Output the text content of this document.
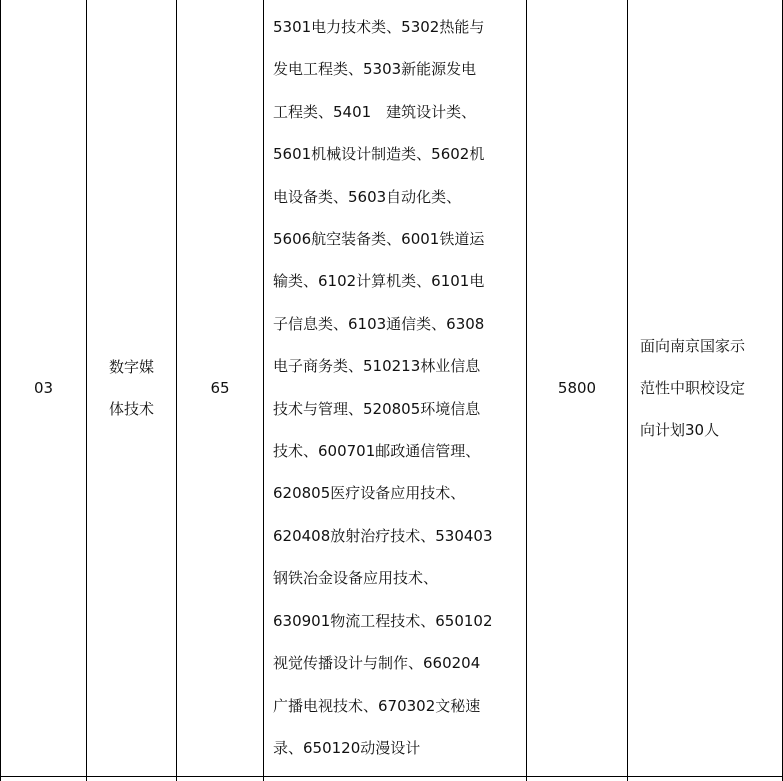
03
数字媒
体技术
65
5301电力技术类、5302热能与
发电工程类、5303新能源发电
工程类、5401　建筑设计类、
5601机械设计制造类、5602机
电设备类、5603自动化类、
5606航空装备类、6001铁道运
输类、6102计算机类、6101电
子信息类、6103通信类、6308
电子商务类、510213林业信息
技术与管理、520805环境信息
技术、600701邮政通信管理、
620805医疗设备应用技术、
620408放射治疗技术、530403
钢铁冶金设备应用技术、
630901物流工程技术、650102
视觉传播设计与制作、660204
广播电视技术、670302文秘速
录、650120动漫设计
5800
面向南京国家示
范性中职校设定
向计划30人
